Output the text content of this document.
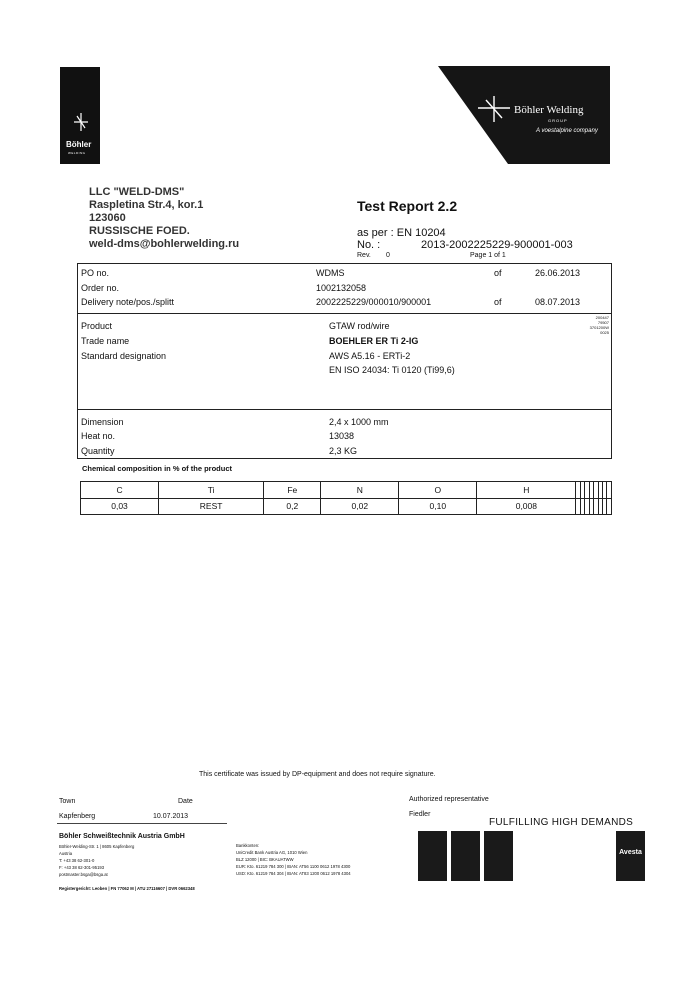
Böhler
WELDING
Böhler Welding
GROUP
A voestalpine company
LLC "WELD-DMS"
Raspletina Str.4, kor.1
123060
RUSSISCHE FOED.
weld-dms@bohlerwelding.ru
Test Report 2.2
as per : EN 10204
No. :	2013-2002225229-900001-003
Rev. 0	Page 1 of 1
PO no.	WDMS	of	26.06.2013
Order no.	1002132058
Delivery note/pos./splitt	2002225229/000010/900001	of	08.07.2013
Product	GTAW rod/wire
Trade name	BOEHLER ER Ti 2-IG
Standard designation	AWS A5.16 - ERTi-2
EN ISO 24034: Ti 0120 (Ti99,6)
200447
79507
3701200W
0025
Dimension	2,4 x 1000 mm
Heat no.	13038
Quantity	2,3 KG
Chemical composition in % of the product
C	Ti	Fe	N	O	H								
0,03	REST	0,2	0,02	0,10	0,008								
This certificate was issued by DP-equipment and does not require signature.
Town	Date
Kapfenberg	10.07.2013
Authorized representative
Fiedler
FULFILLING HIGH DEMANDS
Böhler Schweißtechnik Austria GmbH
Böhler-Welding-Str. 1 | 8605 Kapfenberg
Austria
T: +43 38 62-301-0
F: +43 38 62-301-95193
postmaster.bsga@bsga.at
Bankkonten:
UniCredit Bank Austria AG, 1010 Wien
BLZ 12000 | BIC: BKAUATWW
EUR: Kto. 61219 784 300 | IBAN: AT56 1100 0612 1978 4300
USD: Kto. 61219 784 304 | IBAN: AT83 1200 0612 1978 4304
Registergericht: Leoben | FN 77062 M | ATU 27116607 | DVR 0662348
Avesta
